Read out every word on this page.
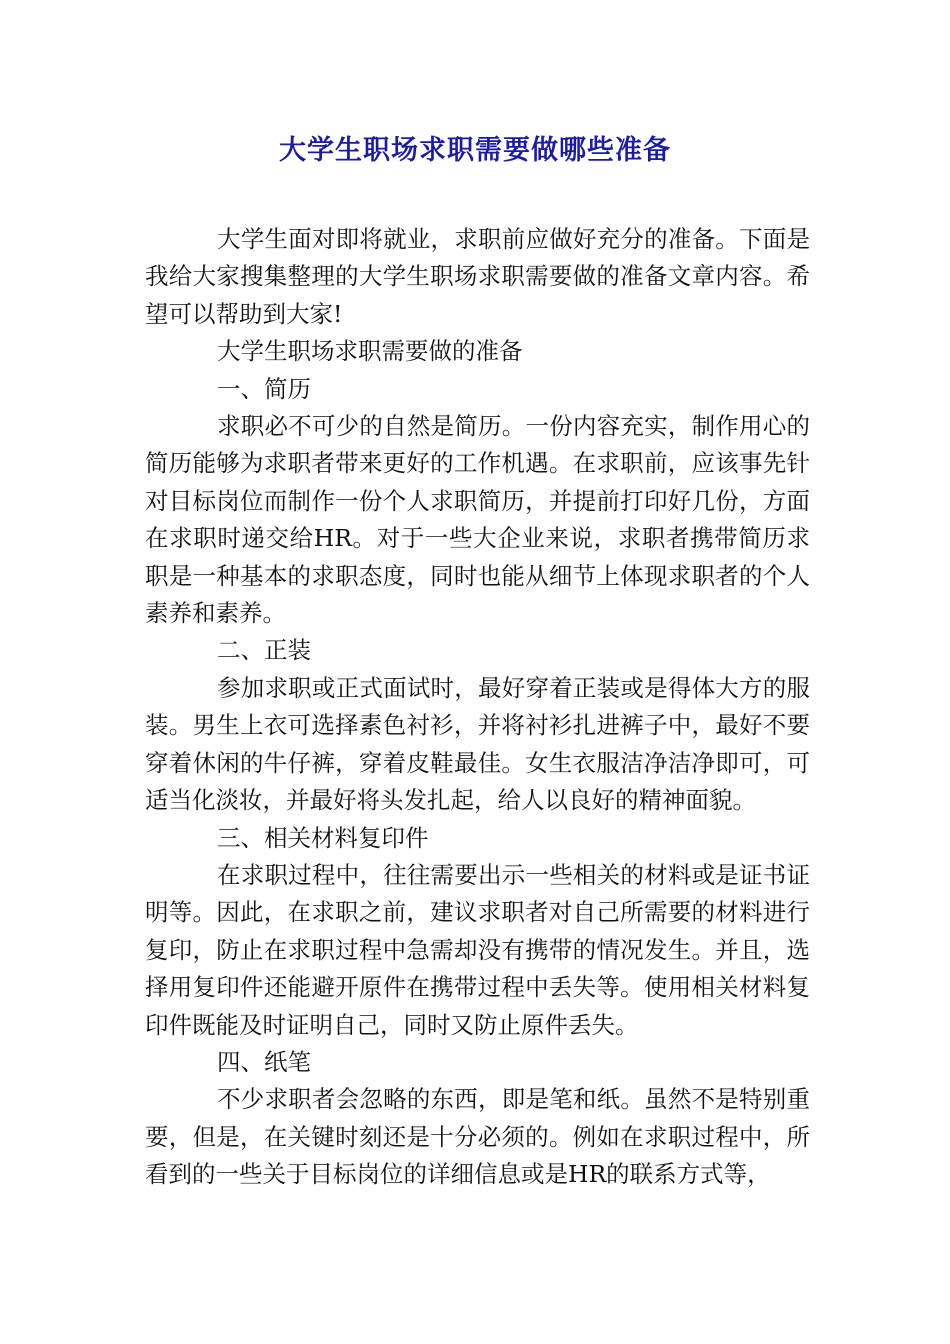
大学生职场求职需要做哪些准备

大学生面对即将就业，求职前应做好充分的准备。下面是我给大家搜集整理的大学生职场求职需要做的准备文章内容。希望可以帮助到大家!

大学生职场求职需要做的准备

一、简历

求职必不可少的自然是简历。一份内容充实，制作用心的简历能够为求职者带来更好的工作机遇。在求职前，应该事先针对目标岗位而制作一份个人求职简历，并提前打印好几份，方面在求职时递交给HR。对于一些大企业来说，求职者携带简历求职是一种基本的求职态度，同时也能从细节上体现求职者的个人素养和素养。

二、正装

参加求职或正式面试时，最好穿着正装或是得体大方的服装。男生上衣可选择素色衬衫，并将衬衫扎进裤子中，最好不要穿着休闲的牛仔裤，穿着皮鞋最佳。女生衣服洁净洁净即可，可适当化淡妆，并最好将头发扎起，给人以良好的精神面貌。

三、相关材料复印件

在求职过程中，往往需要出示一些相关的材料或是证书证明等。因此，在求职之前，建议求职者对自己所需要的材料进行复印，防止在求职过程中急需却没有携带的情况发生。并且，选择用复印件还能避开原件在携带过程中丢失等。使用相关材料复印件既能及时证明自己，同时又防止原件丢失。

四、纸笔

不少求职者会忽略的东西，即是笔和纸。虽然不是特别重要，但是，在关键时刻还是十分必须的。例如在求职过程中，所看到的一些关于目标岗位的详细信息或是HR的联系方式等，
